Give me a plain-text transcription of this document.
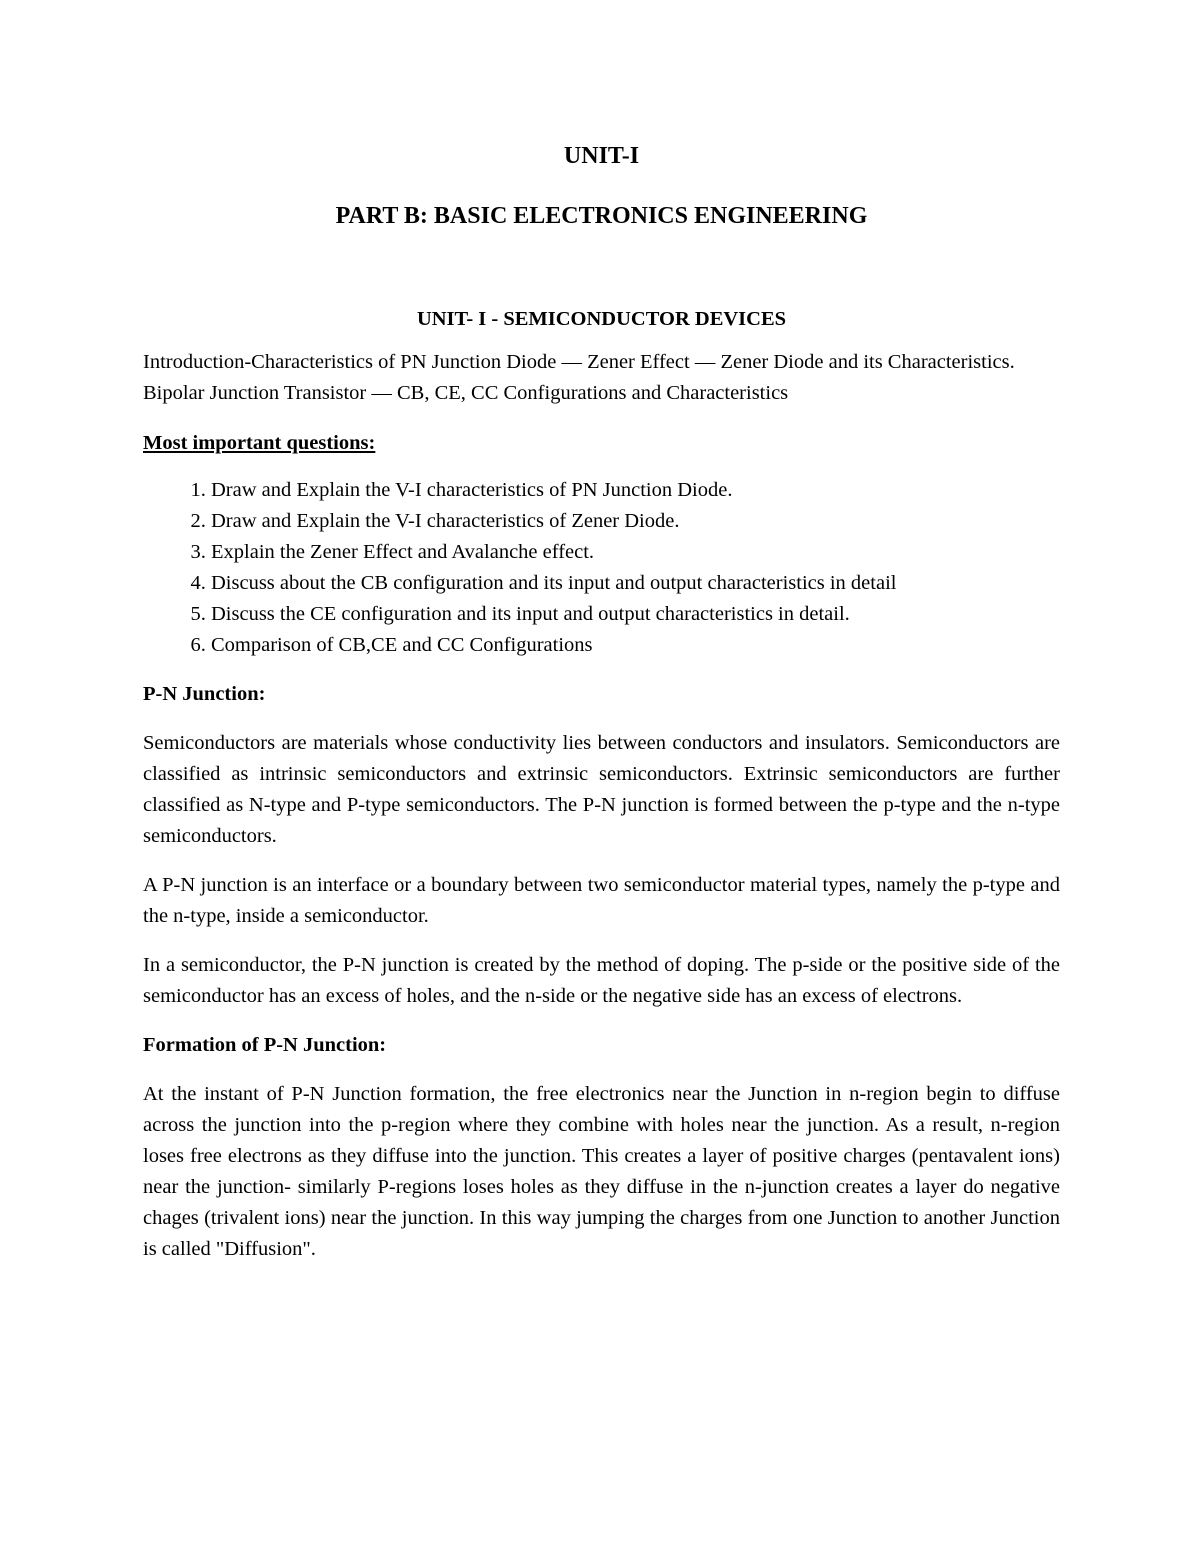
UNIT-I
PART B: BASIC ELECTRONICS ENGINEERING
UNIT- I - SEMICONDUCTOR DEVICES

Introduction-Characteristics of PN Junction Diode — Zener Effect — Zener Diode and its Characteristics. Bipolar Junction Transistor — CB, CE, CC Configurations and Characteristics

Most important questions:

1. Draw and Explain the V-I characteristics of PN Junction Diode.
2. Draw and Explain the V-I characteristics of Zener Diode.
3. Explain the Zener Effect and Avalanche effect.
4. Discuss about the CB configuration and its input and output characteristics in detail
5. Discuss the CE configuration and its input and output characteristics in detail.
6. Comparison of CB,CE and CC Configurations

P-N Junction:

Semiconductors are materials whose conductivity lies between conductors and insulators. Semiconductors are classified as intrinsic semiconductors and extrinsic semiconductors. Extrinsic semiconductors are further classified as N-type and P-type semiconductors. The P-N junction is formed between the p-type and the n-type semiconductors.

A P-N junction is an interface or a boundary between two semiconductor material types, namely the p-type and the n-type, inside a semiconductor.

In a semiconductor, the P-N junction is created by the method of doping. The p-side or the positive side of the semiconductor has an excess of holes, and the n-side or the negative side has an excess of electrons.

Formation of P-N Junction:

At the instant of P-N Junction formation, the free electronics near the Junction in n-region begin to diffuse across the junction into the p-region where they combine with holes near the junction. As a result, n-region loses free electrons as they diffuse into the junction. This creates a layer of positive charges (pentavalent ions) near the junction- similarly P-regions loses holes as they diffuse in the n-junction creates a layer do negative chages (trivalent ions) near the junction. In this way jumping the charges from one Junction to another Junction is called "Diffusion".
